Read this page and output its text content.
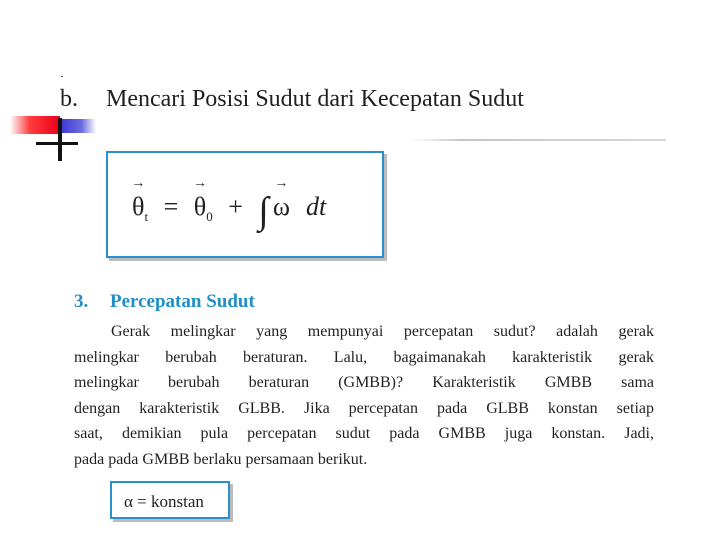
b. Mencari Posisi Sudut dari Kecepatan Sudut
→ $\theta_t$ = → $\theta_0$ + ∫ → ω dt
3. Percepatan Sudut
Gerak melingkar yang mempunyai percepatan sudut? adalah gerak
melingkar berubah beraturan. Lalu, bagaimanakah karakteristik gerak
melingkar berubah beraturan (GMBB)? Karakteristik GMBB sama
dengan karakteristik GLBB. Jika percepatan pada GLBB konstan setiap
saat, demikian pula percepatan sudut pada GMBB juga konstan. Jadi,
pada pada GMBB berlaku persamaan berikut.
α = konstan
